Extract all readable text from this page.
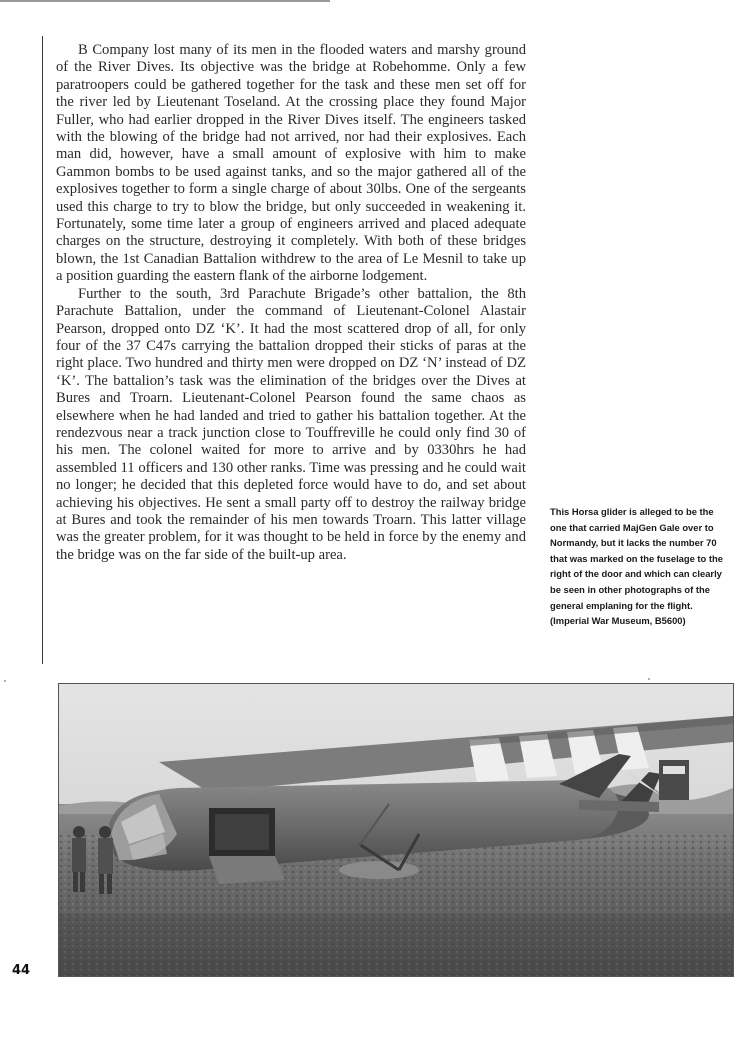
B Company lost many of its men in the flooded waters and marshy ground of the River Dives. Its objective was the bridge at Robehomme. Only a few paratroopers could be gathered together for the task and these men set off for the river led by Lieutenant Toseland. At the crossing place they found Major Fuller, who had earlier dropped in the River Dives itself. The engineers tasked with the blowing of the bridge had not arrived, nor had their explosives. Each man did, however, have a small amount of explosive with him to make Gammon bombs to be used against tanks, and so the major gathered all of the explosives together to form a single charge of about 30lbs. One of the sergeants used this charge to try to blow the bridge, but only succeeded in weakening it. Fortunately, some time later a group of engineers arrived and placed adequate charges on the structure, destroying it completely. With both of these bridges blown, the 1st Canadian Battalion withdrew to the area of Le Mesnil to take up a position guarding the eastern flank of the airborne lodgement.

Further to the south, 3rd Parachute Brigade’s other battalion, the 8th Parachute Battalion, under the command of Lieutenant-Colonel Alastair Pearson, dropped onto DZ ‘K’. It had the most scattered drop of all, for only four of the 37 C47s carrying the battalion dropped their sticks of paras at the right place. Two hundred and thirty men were dropped on DZ ‘N’ instead of DZ ‘K’. The battalion’s task was the elimination of the bridges over the Dives at Bures and Troarn. Lieutenant-Colonel Pearson found the same chaos as elsewhere when he had landed and tried to gather his battalion together. At the rendezvous near a track junction close to Touffreville he could only find 30 of his men. The colonel waited for more to arrive and by 0330hrs he had assembled 11 officers and 130 other ranks. Time was pressing and he could wait no longer; he decided that this depleted force would have to do, and set about achieving his objectives. He sent a small party off to destroy the railway bridge at Bures and took the remainder of his men towards Troarn. This latter village was the greater problem, for it was thought to be held in force by the enemy and the bridge was on the far side of the built-up area.

This Horsa glider is alleged to be the one that carried MajGen Gale over to Normandy, but it lacks the number 70 that was marked on the fuselage to the right of the door and which can clearly be seen in other photographs of the general emplaning for the flight. (Imperial War Museum, B5600)
44
